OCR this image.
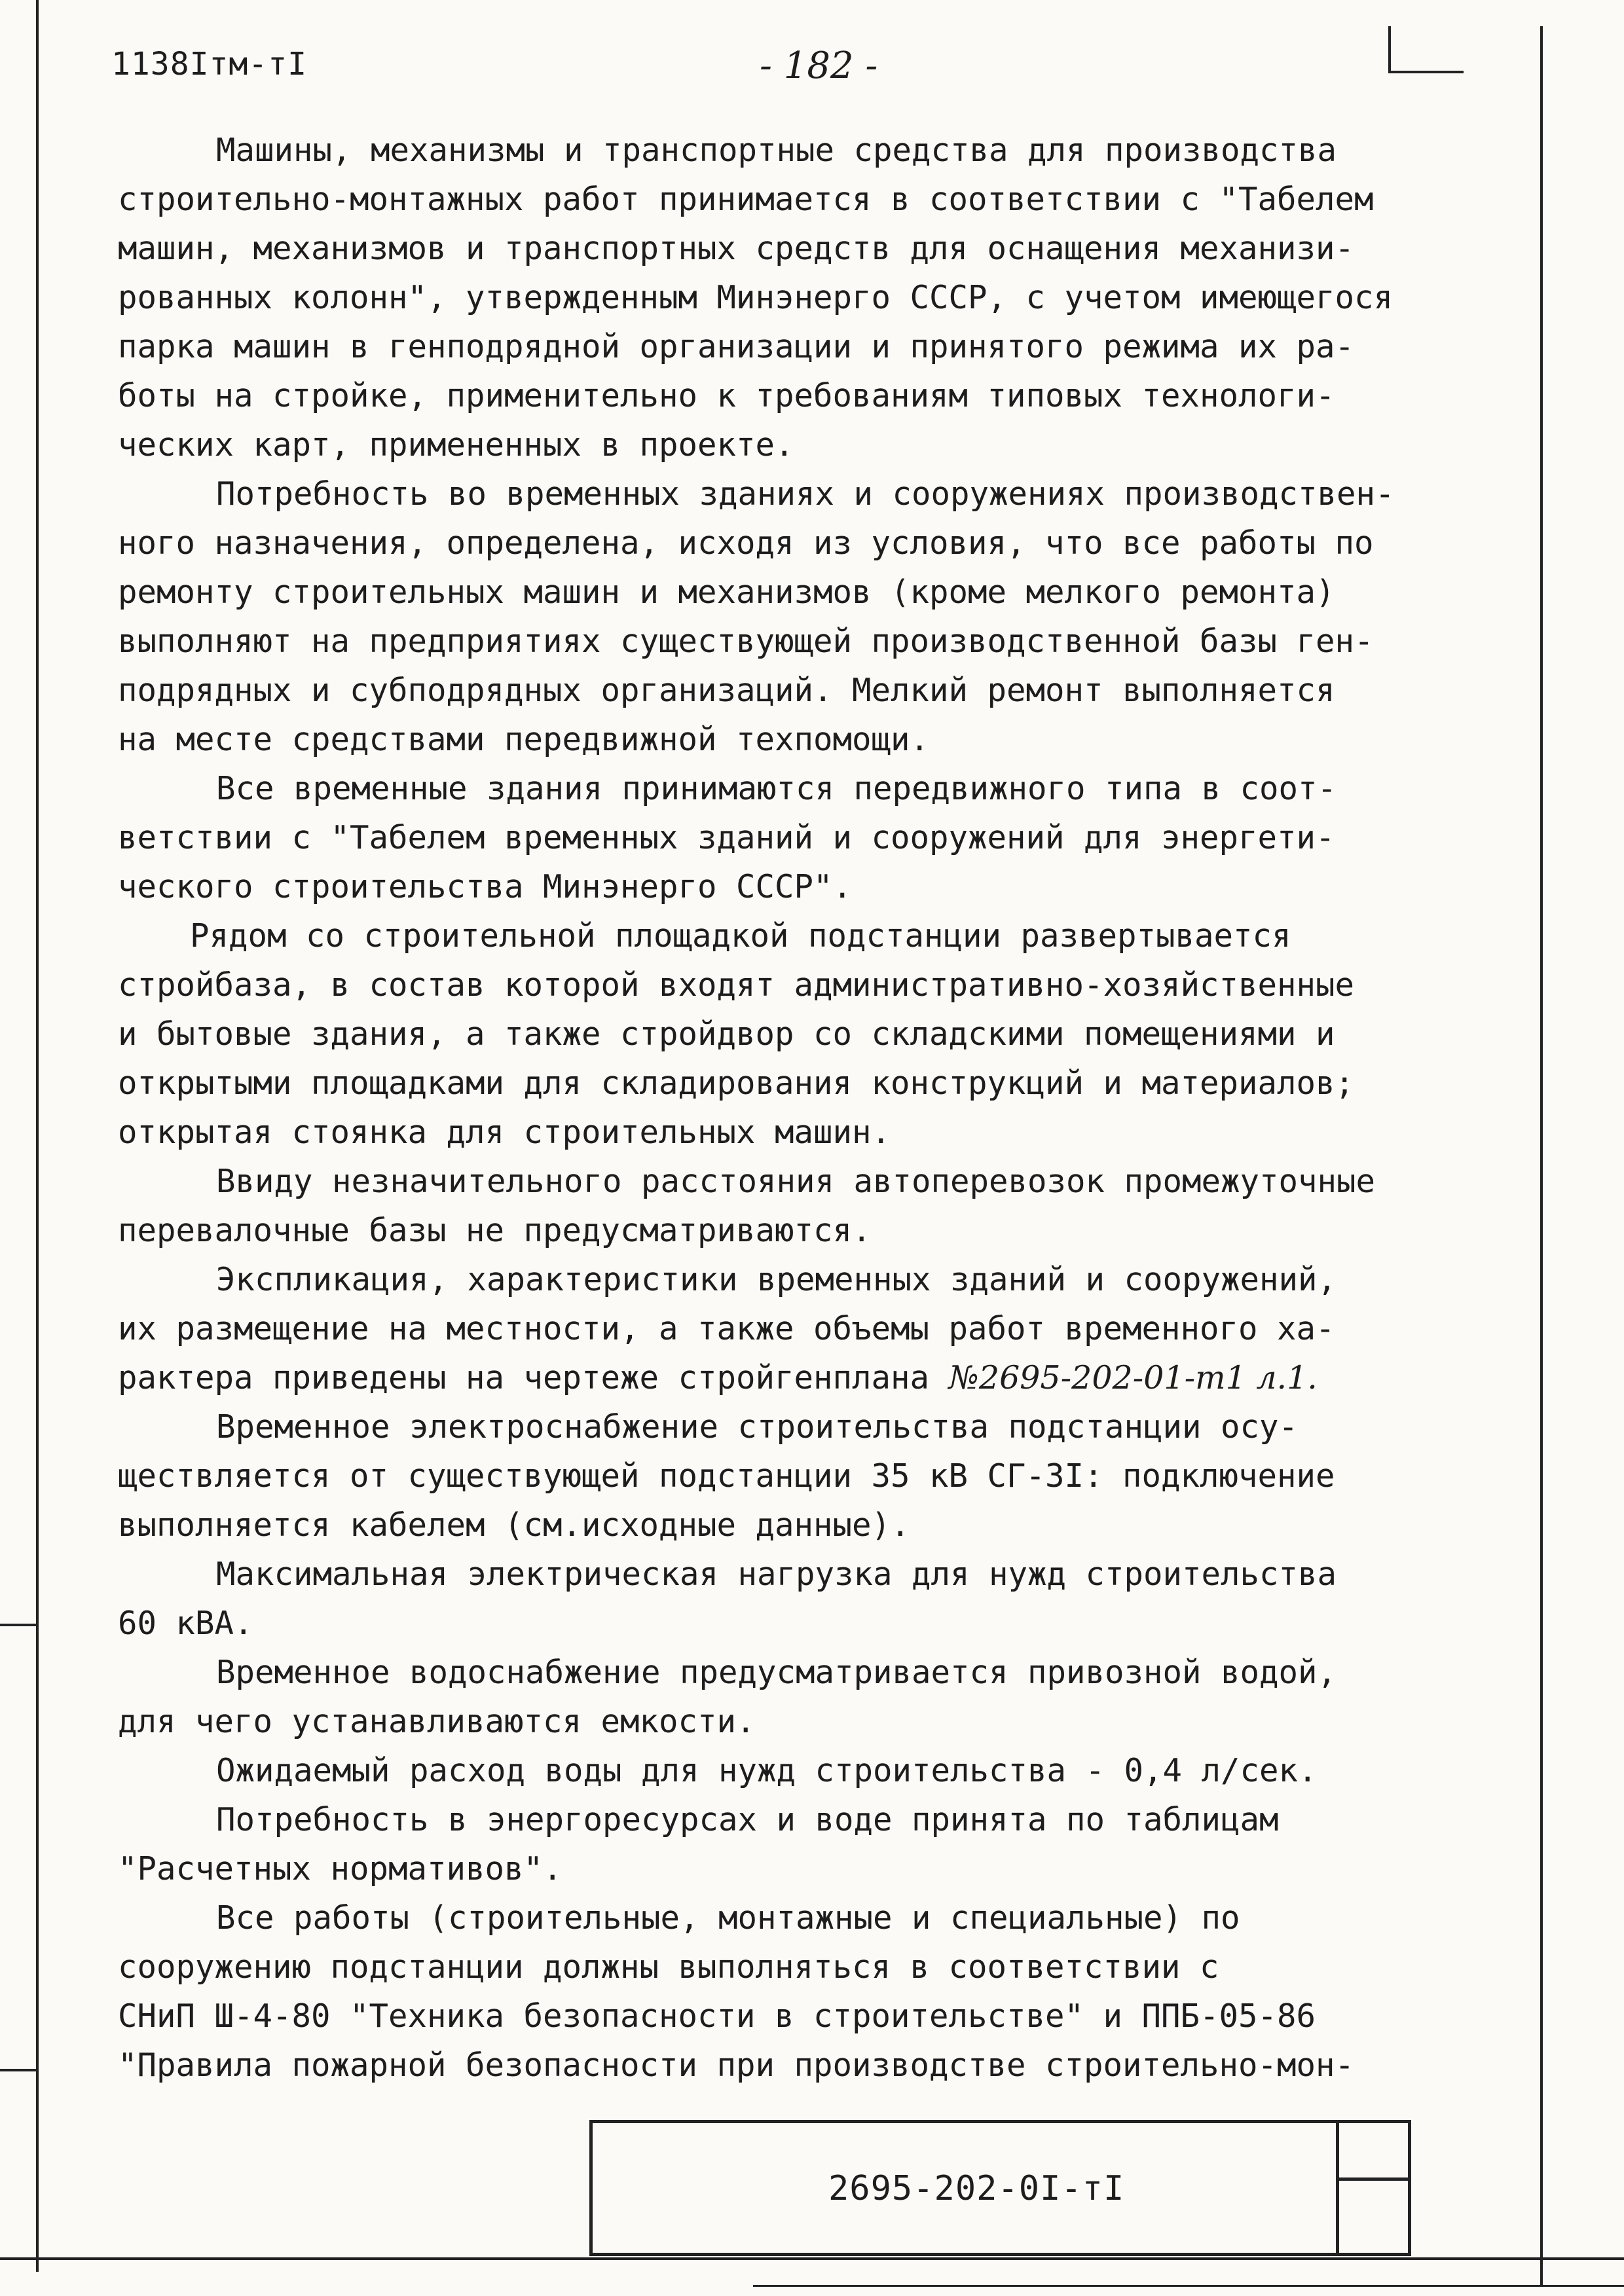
1138Iтм-тI	- 182 -

Машины, механизмы и транспортные средства для производства
строительно-монтажных работ принимается в соответствии с "Табелем
машин, механизмов и транспортных средств для оснащения механизи-
рованных колонн", утвержденным Минэнерго СССР, с учетом имеющегося
парка машин в генподрядной организации и принятого режима их ра-
боты на стройке, применительно к требованиям типовых технологи-
ческих карт, примененных в проекте.

Потребность во временных зданиях и сооружениях производствен-
ного назначения, определена, исходя из условия, что все работы по
ремонту строительных машин и механизмов (кроме мелкого ремонта)
выполняют на предприятиях существующей производственной базы ген-
подрядных и субподрядных организаций. Мелкий ремонт выполняется
на месте средствами передвижной техпомощи.

Все временные здания принимаются передвижного типа в соот-
ветствии с "Табелем временных зданий и сооружений для энергети-
ческого строительства Минэнерго СССР".

Рядом со строительной площадкой подстанции развертывается
стройбаза, в состав которой входят административно-хозяйственные
и бытовые здания, а также стройдвор со складскими помещениями и
открытыми площадками для складирования конструкций и материалов;
открытая стоянка для строительных машин.

Ввиду незначительного расстояния автоперевозок промежуточные
перевалочные базы не предусматриваются.

Экспликация, характеристики временных зданий и сооружений,
их размещение на местности, а также объемы работ временного ха-
рактера приведены на чертеже стройгенплана №2695-202-01-т1 л.1.

Временное электроснабжение строительства подстанции осу-
ществляется от существующей подстанции 35 кВ СГ-3I: подключение
выполняется кабелем (см.исходные данные).

Максимальная электрическая нагрузка для нужд строительства
60 кВА.

Временное водоснабжение предусматривается привозной водой,
для чего устанавливаются емкости.

Ожидаемый расход воды для нужд строительства - 0,4 л/сек.

Потребность в энергоресурсах и воде принята по таблицам
"Расчетных нормативов".

Все работы (строительные, монтажные и специальные) по
сооружению подстанции должны выполняться в соответствии с
СНиП Ш-4-80 "Техника безопасности в строительстве" и ППБ-05-86
"Правила пожарной безопасности при производстве строительно-мон-

2695-202-0I-тI
